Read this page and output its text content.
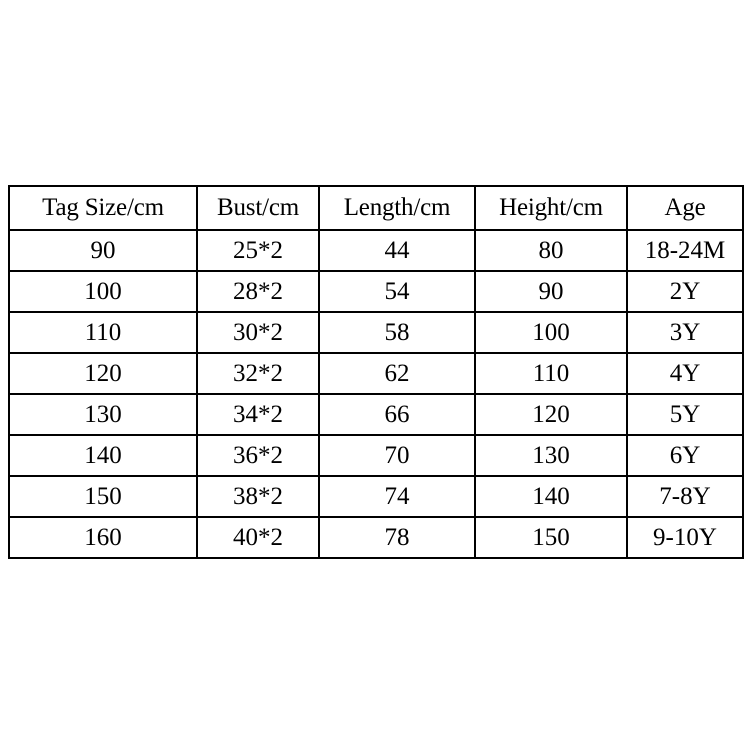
Tag Size/cm	Bust/cm	Length/cm	Height/cm	Age
90	25*2	44	80	18-24M
100	28*2	54	90	2Y
110	30*2	58	100	3Y
120	32*2	62	110	4Y
130	34*2	66	120	5Y
140	36*2	70	130	6Y
150	38*2	74	140	7-8Y
160	40*2	78	150	9-10Y
